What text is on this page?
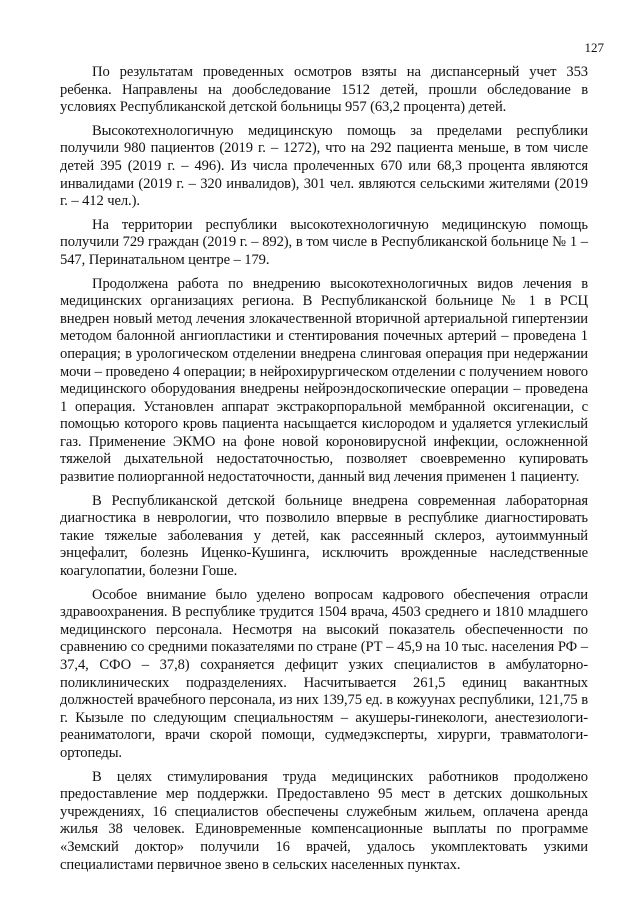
127

По результатам проведенных осмотров взяты на диспансерный учет 353 ребенка. Направлены на дообследование 1512 детей, прошли обследование в условиях Республиканской детской больницы 957 (63,2 процента) детей.

Высокотехнологичную медицинскую помощь за пределами республики получили 980 пациентов (2019 г. – 1272), что на 292 пациента меньше, в том числе детей 395 (2019 г. – 496). Из числа пролеченных 670 или 68,3 процента являются инвалидами (2019 г. – 320 инвалидов), 301 чел. являются сельскими жителями (2019 г. – 412 чел.).

На территории республики высокотехнологичную медицинскую помощь получили 729 граждан (2019 г. – 892), в том числе в Республиканской больнице № 1 – 547, Перинатальном центре – 179.

Продолжена работа по внедрению высокотехнологичных видов лечения в медицинских организациях региона. В Республиканской больнице № 1 в РСЦ внедрен новый метод лечения злокачественной вторичной артериальной гипертензии методом балонной ангиопластики и стентирования почечных артерий – проведена 1 операция; в урологическом отделении внедрена слинговая операция при недержании мочи – проведено 4 операции; в нейрохирургическом отделении с получением нового медицинского оборудования внедрены нейроэндоскопические операции – проведена 1 операция. Установлен аппарат экстракорпоральной мембранной оксигенации, с помощью которого кровь пациента насыщается кислородом и удаляется углекислый газ. Применение ЭКМО на фоне новой короновирусной инфекции, осложненной тяжелой дыхательной недостаточностью, позволяет своевременно купировать развитие полиорганной недостаточности, данный вид лечения применен 1 пациенту.

В Республиканской детской больнице внедрена современная лабораторная диагностика в неврологии, что позволило впервые в республике диагностировать такие тяжелые заболевания у детей, как рассеянный склероз, аутоиммунный энцефалит, болезнь Иценко-Кушинга, исключить врожденные наследственные коагулопатии, болезни Гоше.

Особое внимание было уделено вопросам кадрового обеспечения отрасли здравоохранения. В республике трудится 1504 врача, 4503 среднего и 1810 младшего медицинского персонала. Несмотря на высокий показатель обеспеченности по сравнению со средними показателями по стране (РТ – 45,9 на 10 тыс. населения РФ – 37,4, СФО – 37,8) сохраняется дефицит узких специалистов в амбулаторно-поликлинических подразделениях. Насчитывается 261,5 единиц вакантных должностей врачебного персонала, из них 139,75 ед. в кожуунах республики, 121,75 в г. Кызыле по следующим специальностям – акушеры-гинекологи, анестезиологи-реаниматологи, врачи скорой помощи, судмедэксперты, хирурги, травматологи-ортопеды.

В целях стимулирования труда медицинских работников продолжено предоставление мер поддержки. Предоставлено 95 мест в детских дошкольных учреждениях, 16 специалистов обеспечены служебным жильем, оплачена аренда жилья 38 человек. Единовременные компенсационные выплаты по программе «Земский доктор» получили 16 врачей, удалось укомплектовать узкими специалистами первичное звено в сельских населенных пунктах.
